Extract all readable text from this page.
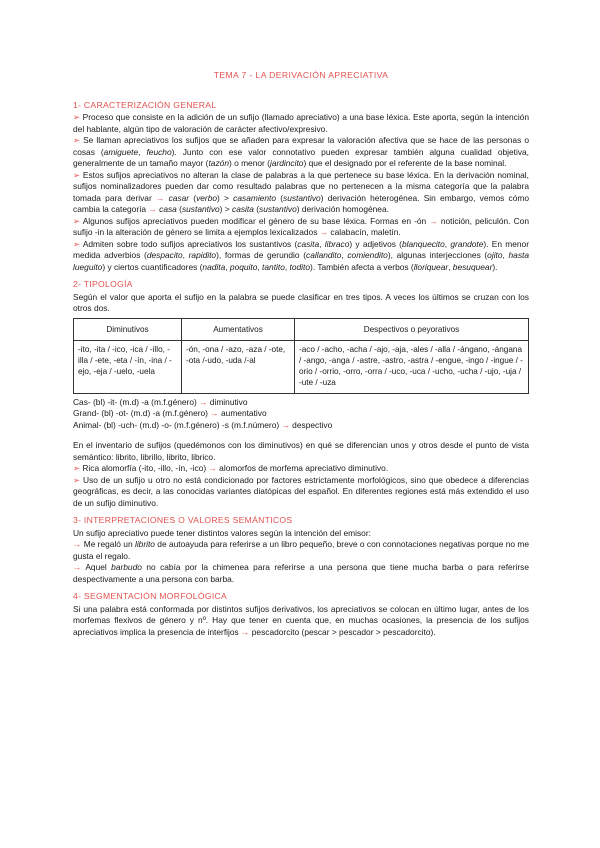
TEMA 7 - LA DERIVACIÓN APRECIATIVA
1- CARACTERIZACIÓN GENERAL

➢ Proceso que consiste en la adición de un sufijo (llamado apreciativo) a una base léxica. Este aporta, según la intención del hablante, algún tipo de valoración de carácter afectivo/expresivo.

➢ Se llaman apreciativos los sufijos que se añaden para expresar la valoración afectiva que se hace de las personas o cosas (amiguete, feucho). Junto con ese valor connotativo pueden expresar también alguna cualidad objetiva, generalmente de un tamaño mayor (tazón) o menor (jardincito) que el designado por el referente de la base nominal.

➢ Estos sufijos apreciativos no alteran la clase de palabras a la que pertenece su base léxica. En la derivación nominal, sufijos nominalizadores pueden dar como resultado palabras que no pertenecen a la misma categoría que la palabra tomada para derivar → casar (verbo) > casamiento (sustantivo) derivación heterogénea. Sin embargo, vemos cómo cambia la categoría → casa (sustantivo) > casita (sustantivo) derivación homogénea.

➢ Algunos sufijos apreciativos pueden modificar el género de su base léxica. Formas en -ón → notición, peliculón. Con sufijo -in la alteración de género se limita a ejemplos lexicalizados → calabacín, maletín.

➢ Admiten sobre todo sufijos apreciativos los sustantivos (casita, libraco) y adjetivos (blanquecito, grandote). En menor medida adverbios (despacito, rapidito), formas de gerundio (callandito, comiendito), algunas interjecciones (ojito, hasta lueguito) y ciertos cuantificadores (nadita, poquito, tantito, todito). También afecta a verbos (lloriquear, besuquear).

2- TIPOLOGÍA

Según el valor que aporta el sufijo en la palabra se puede clasificar en tres tipos. A veces los últimos se cruzan con los otros dos.

Diminutivos	Aumentativos	Despectivos o peyorativos
-ito, -ita / -ico, -ica / -illo, -illa / -ete, -eta / -ín, -ina / -ejo, -eja / -uelo, -uela	-ón, -ona / -azo, -aza / -ote, -ota /-udo, -uda /-al	-aco / -acho, -acha / -ajo, -aja, -ales / -alla / -ángano, -ángana / -ango, -anga / -astre, -astro, -astra / -engue, -ingo / -ingue / -orio / -orrio, -orro, -orra / -uco, -uca / -ucho, -ucha / -ujo, -uja / -ute / -uza

Cas- (bl) -it- (m.d) -a (m.f.género) → diminutivo

Grand- (bl) -ot- (m.d) -a (m.f.género) → aumentativo

Animal- (bl) -uch- (m.d) -o- (m.f.género) -s (m.f.número) → despectivo

En el inventario de sufijos (quedémonos con los diminutivos) en qué se diferencian unos y otros desde el punto de vista semántico: librito, librillo, librito, librico.

➢ Rica alomorfía (-ito, -illo, -ín, -ico) → alomorfos de morfema apreciativo diminutivo.

➢ Uso de un sufijo u otro no está condicionado por factores estrictamente morfológicos, sino que obedece a diferencias geográficas, es decir, a las conocidas variantes diatópicas del español. En diferentes regiones está más extendido el uso de un sufijo diminutivo.

3- INTERPRETACIONES O VALORES SEMÁNTICOS

Un sufijo apreciativo puede tener distintos valores según la intención del emisor:

→ Me regaló un librito de autoayuda para referirse a un libro pequeño, breve o con connotaciones negativas porque no me gusta el regalo.

→ Aquel barbudo no cabía por la chimenea para referirse a una persona que tiene mucha barba o para referirse despectivamente a una persona con barba.

4- SEGMENTACIÓN MORFOLÓGICA

Si una palabra está conformada por distintos sufijos derivativos, los apreciativos se colocan en último lugar, antes de los morfemas flexivos de género y nº. Hay que tener en cuenta que, en muchas ocasiones, la presencia de los sufijos apreciativos implica la presencia de interfijos → pescadorcito (pescar > pescador > pescadorcito).
